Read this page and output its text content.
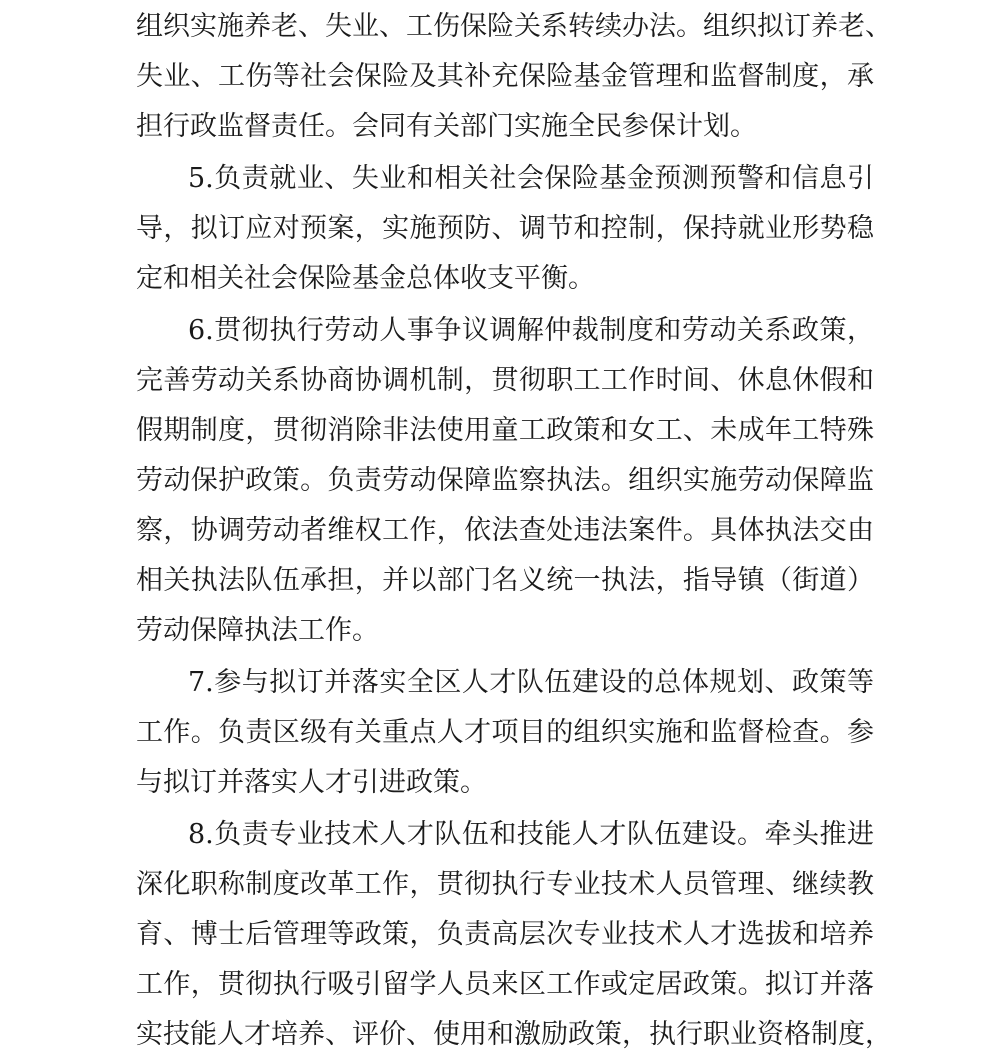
组织实施养老、失业、工伤保险关系转续办法。组织拟订养老、
失业、工伤等社会保险及其补充保险基金管理和监督制度，承
担行政监督责任。会同有关部门实施全民参保计划。
5.负责就业、失业和相关社会保险基金预测预警和信息引
导，拟订应对预案，实施预防、调节和控制，保持就业形势稳
定和相关社会保险基金总体收支平衡。
6.贯彻执行劳动人事争议调解仲裁制度和劳动关系政策，
完善劳动关系协商协调机制，贯彻职工工作时间、休息休假和
假期制度，贯彻消除非法使用童工政策和女工、未成年工特殊
劳动保护政策。负责劳动保障监察执法。组织实施劳动保障监
察，协调劳动者维权工作，依法查处违法案件。具体执法交由
相关执法队伍承担，并以部门名义统一执法，指导镇（街道）
劳动保障执法工作。
7.参与拟订并落实全区人才队伍建设的总体规划、政策等
工作。负责区级有关重点人才项目的组织实施和监督检查。参
与拟订并落实人才引进政策。
8.负责专业技术人才队伍和技能人才队伍建设。牵头推进
深化职称制度改革工作，贯彻执行专业技术人员管理、继续教
育、博士后管理等政策，负责高层次专业技术人才选拔和培养
工作，贯彻执行吸引留学人员来区工作或定居政策。拟订并落
实技能人才培养、评价、使用和激励政策，执行职业资格制度，
